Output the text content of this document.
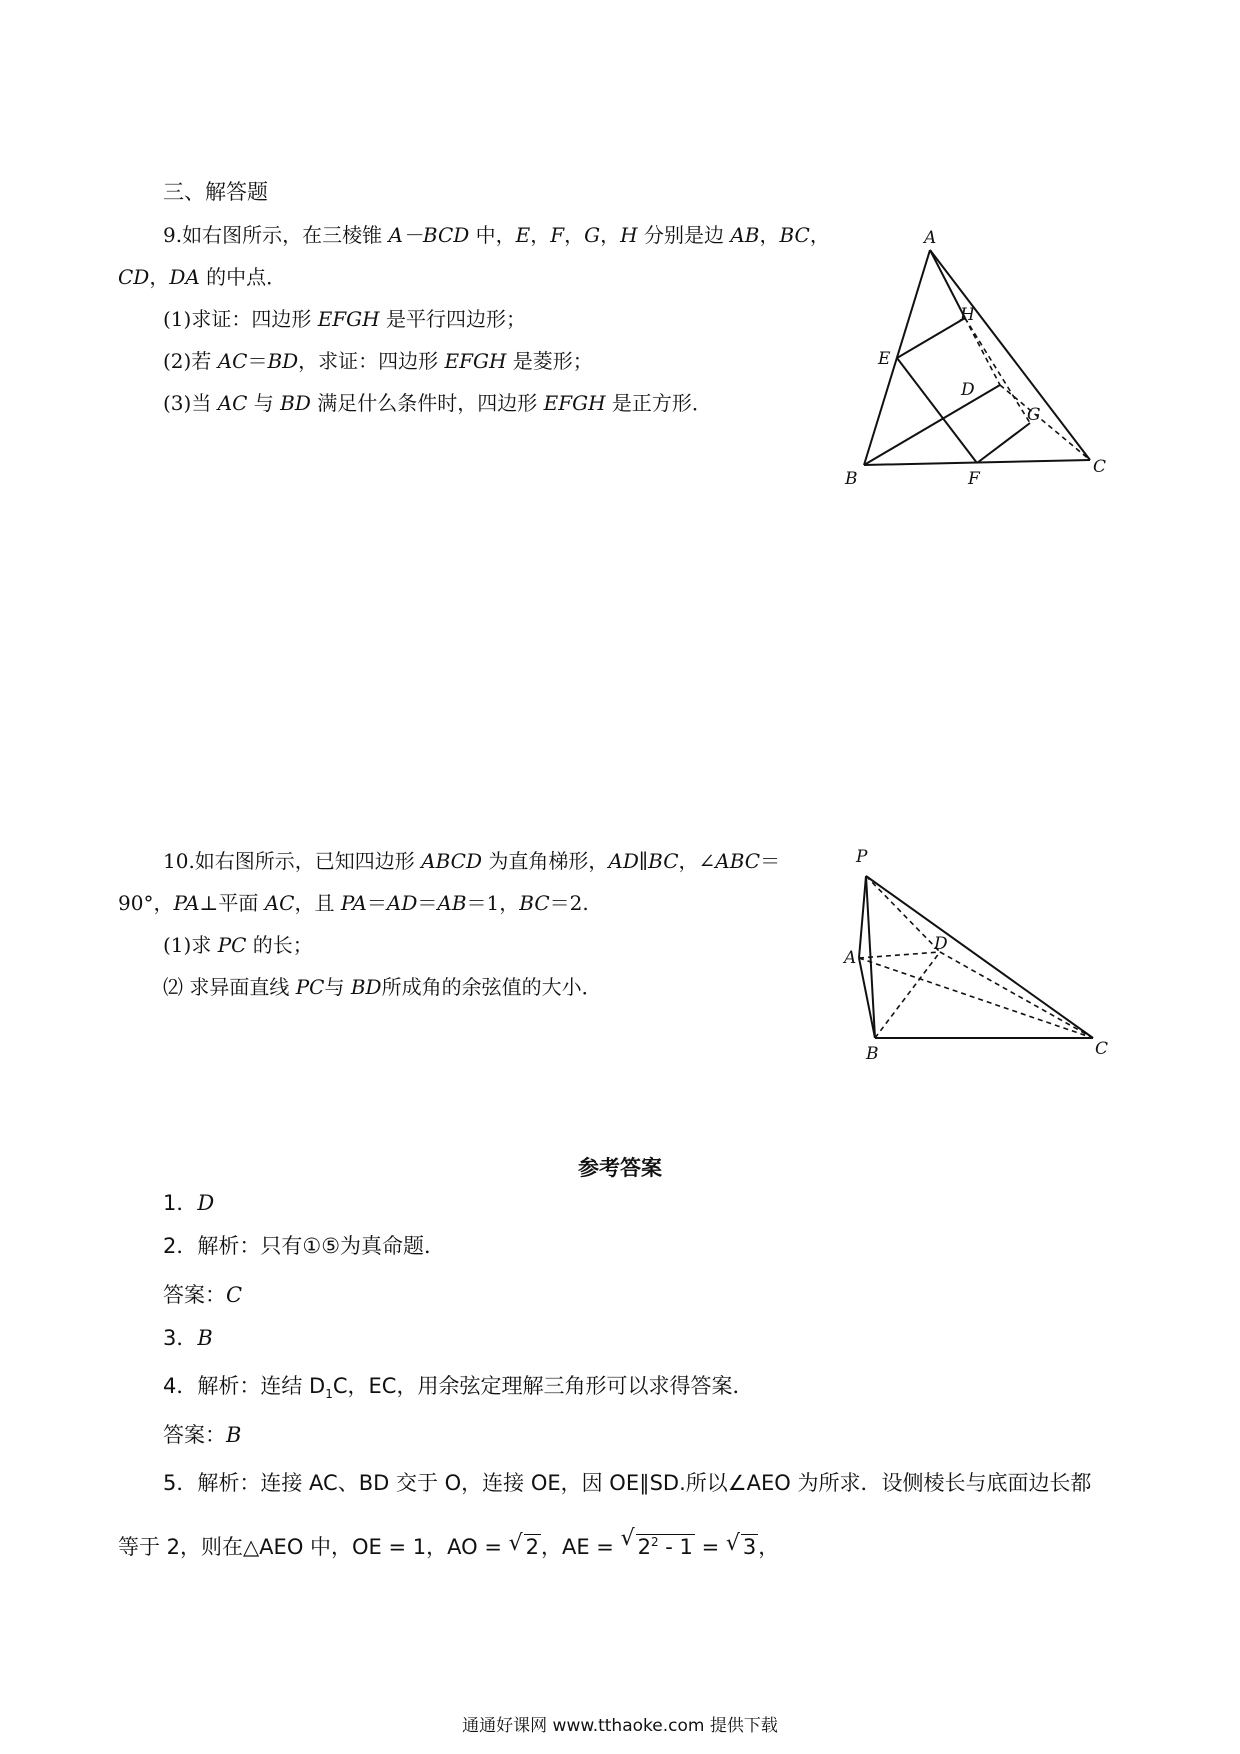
三、解答题
9.如右图所示，在三棱锥 A－BCD 中，E，F，G，H 分别是边 AB，BC，
CD，DA 的中点．
(1)求证：四边形 EFGH 是平行四边形；
(2)若 AC＝BD，求证：四边形 EFGH 是菱形；
(3)当 AC 与 BD 满足什么条件时，四边形 EFGH 是正方形．
A
B
C
D
E
F
G
H
10.如右图所示，已知四边形 ABCD 为直角梯形，AD∥BC，∠ABC＝
90°，PA⊥平面 AC，且 PA＝AD＝AB＝1，BC＝2.
(1)求 PC 的长；
⑵ 求异面直线 PC与 BD所成角的余弦值的大小．
P
A
B	C
D
参考答案
1．D
2．解析：只有①⑤为真命题．
答案：C
3．B
4．解析：连结 $D_1C$，EC，用余弦定理解三角形可以求得答案．
答案：B
5．解析：连接 AC、BD 交于 O，连接 OE，因 OE∥SD.所以∠AEO 为所求．设侧棱长与底面边长都
等于 2，则在△AEO 中，OE = 1，AO = √ 2，AE = √ $2^2 - 1$ = √ 3，
通通好课网 www.tthaoke.com 提供下载
